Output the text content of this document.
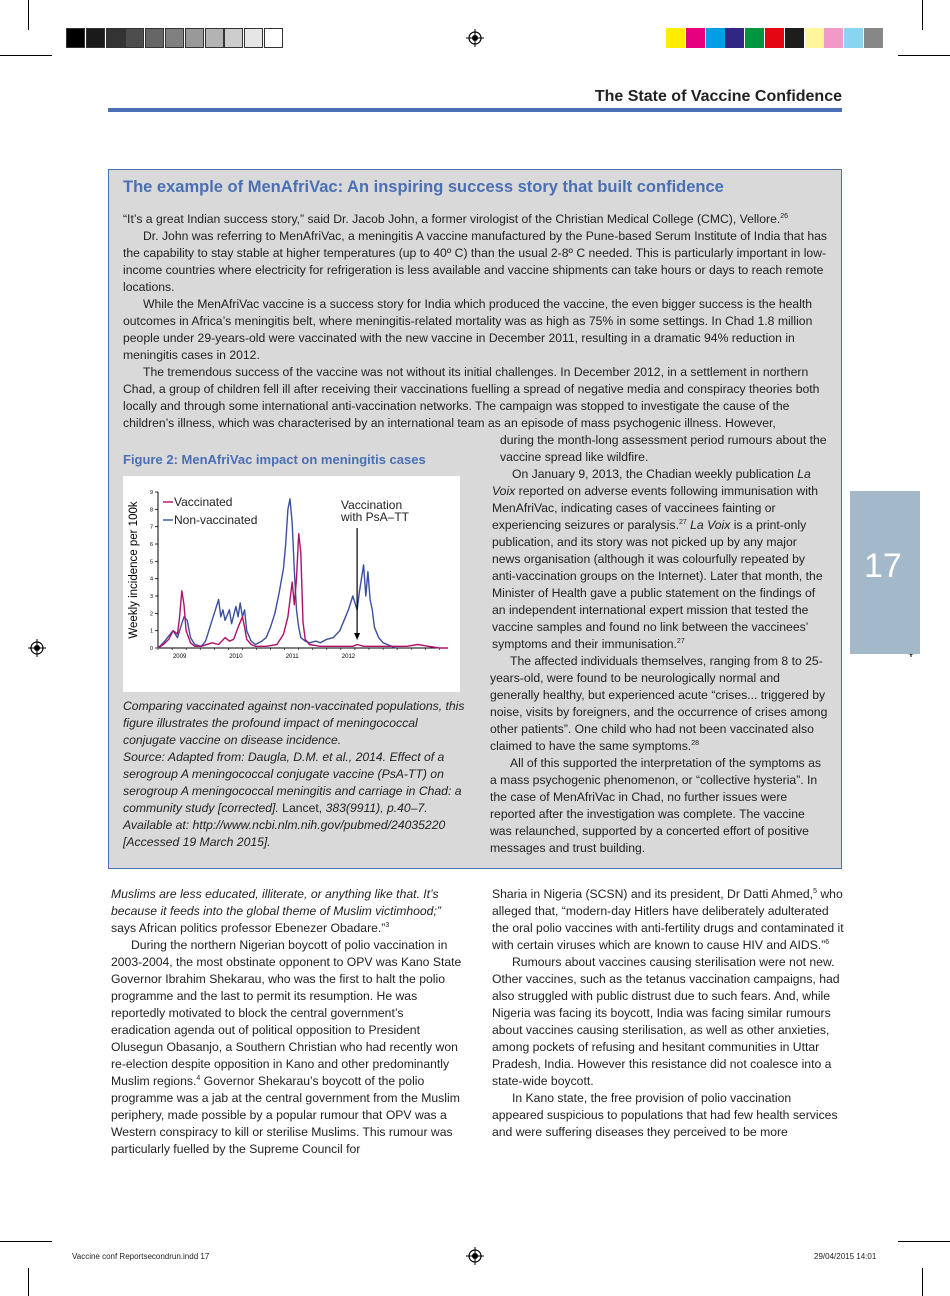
The State of Vaccine Confidence
17
The example of MenAfriVac: An inspiring success story that built confidence

“It’s a great Indian success story,” said Dr. Jacob John, a former virologist of the Christian Medical College (CMC), Vellore.$^{26}$

Dr. John was referring to MenAfriVac, a meningitis A vaccine manufactured by the Pune-based Serum Institute of India that has the capability to stay stable at higher temperatures (up to 40º C) than the usual 2-8º C needed. This is particularly important in low-income countries where electricity for refrigeration is less available and vaccine shipments can take hours or days to reach remote locations.

While the MenAfriVac vaccine is a success story for India which produced the vaccine, the even bigger success is the health outcomes in Africa’s meningitis belt, where meningitis-related mortality was as high as 75% in some settings. In Chad 1.8 million people under 29-years-old were vaccinated with the new vaccine in December 2011, resulting in a dramatic 94% reduction in meningitis cases in 2012.

The tremendous success of the vaccine was not without its initial challenges. In December 2012, in a settlement in northern Chad, a group of children fell ill after receiving their vaccinations fuelling a spread of negative media and conspiracy theories both locally and through some international anti-vaccination networks. The campaign was stopped to investigate the cause of the children’s illness, which was characterised by an international team as an episode of mass psychogenic illness. However,

Figure 2: MenAfriVac impact on meningitis cases
0
1
2
3
4
5
6
7
8
9
2009	2010	2011	2012
Weekly incidence per 100k	Vaccinated
Non-vaccinated
Vaccination
with PsA–TT
Comparing vaccinated against non-vaccinated populations, this figure illustrates the profound impact of meningococcal conjugate vaccine on disease incidence.
Source: Adapted from: Daugla, D.M. et al., 2014. Effect of a serogroup A meningococcal conjugate vaccine (PsA-TT) on serogroup A meningococcal meningitis and carriage in Chad: a community study [corrected]. Lancet, 383(9911), p.40–7. Available at: http://www.ncbi.nlm.nih.gov/pubmed/24035220 [Accessed 19 March 2015].

during the month-long assessment period rumours about the vaccine spread like wildfire.

On January 9, 2013, the Chadian weekly publication La Voix reported on adverse events following immunisation with MenAfriVac, indicating cases of vaccinees fainting or experiencing seizures or paralysis.$^{27}$ La Voix is a print-only publication, and its story was not picked up by any major news organisation (although it was colourfully repeated by anti-vaccination groups on the Internet). Later that month, the Minister of Health gave a public statement on the findings of an independent international expert mission that tested the vaccine samples and found no link between the vaccinees’ symptoms and their immunisation.$^{27}$

The affected individuals themselves, ranging from 8 to 25-years-old, were found to be neurologically normal and generally healthy, but experienced acute “crises... triggered by noise, visits by foreigners, and the occurrence of crises among other patients”. One child who had not been vaccinated also claimed to have the same symptoms.$^{28}$

All of this supported the interpretation of the symptoms as a mass psychogenic phenomenon, or “collective hysteria”. In the case of MenAfriVac in Chad, no further issues were reported after the investigation was complete. The vaccine was relaunched, supported by a concerted effort of positive messages and trust building.

Muslims are less educated, illiterate, or anything like that. It’s because it feeds into the global theme of Muslim victimhood;” says African politics professor Ebenezer Obadare.”$^3$

During the northern Nigerian boycott of polio vaccination in 2003-2004, the most obstinate opponent to OPV was Kano State Governor Ibrahim Shekarau, who was the first to halt the polio programme and the last to permit its resumption. He was reportedly motivated to block the central government’s eradication agenda out of political opposition to President Olusegun Obasanjo, a Southern Christian who had recently won re-election despite opposition in Kano and other predominantly Muslim regions.$^4$ Governor Shekarau’s boycott of the polio programme was a jab at the central government from the Muslim periphery, made possible by a popular rumour that OPV was a Western conspiracy to kill or sterilise Muslims. This rumour was particularly fuelled by the Supreme Council for

Sharia in Nigeria (SCSN) and its president, Dr Datti Ahmed,$^5$ who alleged that, “modern-day Hitlers have deliberately adulterated the oral polio vaccines with anti-fertility drugs and contaminated it with certain viruses which are known to cause HIV and AIDS.”$^6$

Rumours about vaccines causing sterilisation were not new. Other vaccines, such as the tetanus vaccination campaigns, had also struggled with public distrust due to such fears. And, while Nigeria was facing its boycott, India was facing similar rumours about vaccines causing sterilisation, as well as other anxieties, among pockets of refusing and hesitant communities in Uttar Pradesh, India. However this resistance did not coalesce into a state-wide boycott.

In Kano state, the free provision of polio vaccination appeared suspicious to populations that had few health services and were suffering diseases they perceived to be more

Vaccine conf Reportsecondrun.indd 17	29/04/2015 14:01
